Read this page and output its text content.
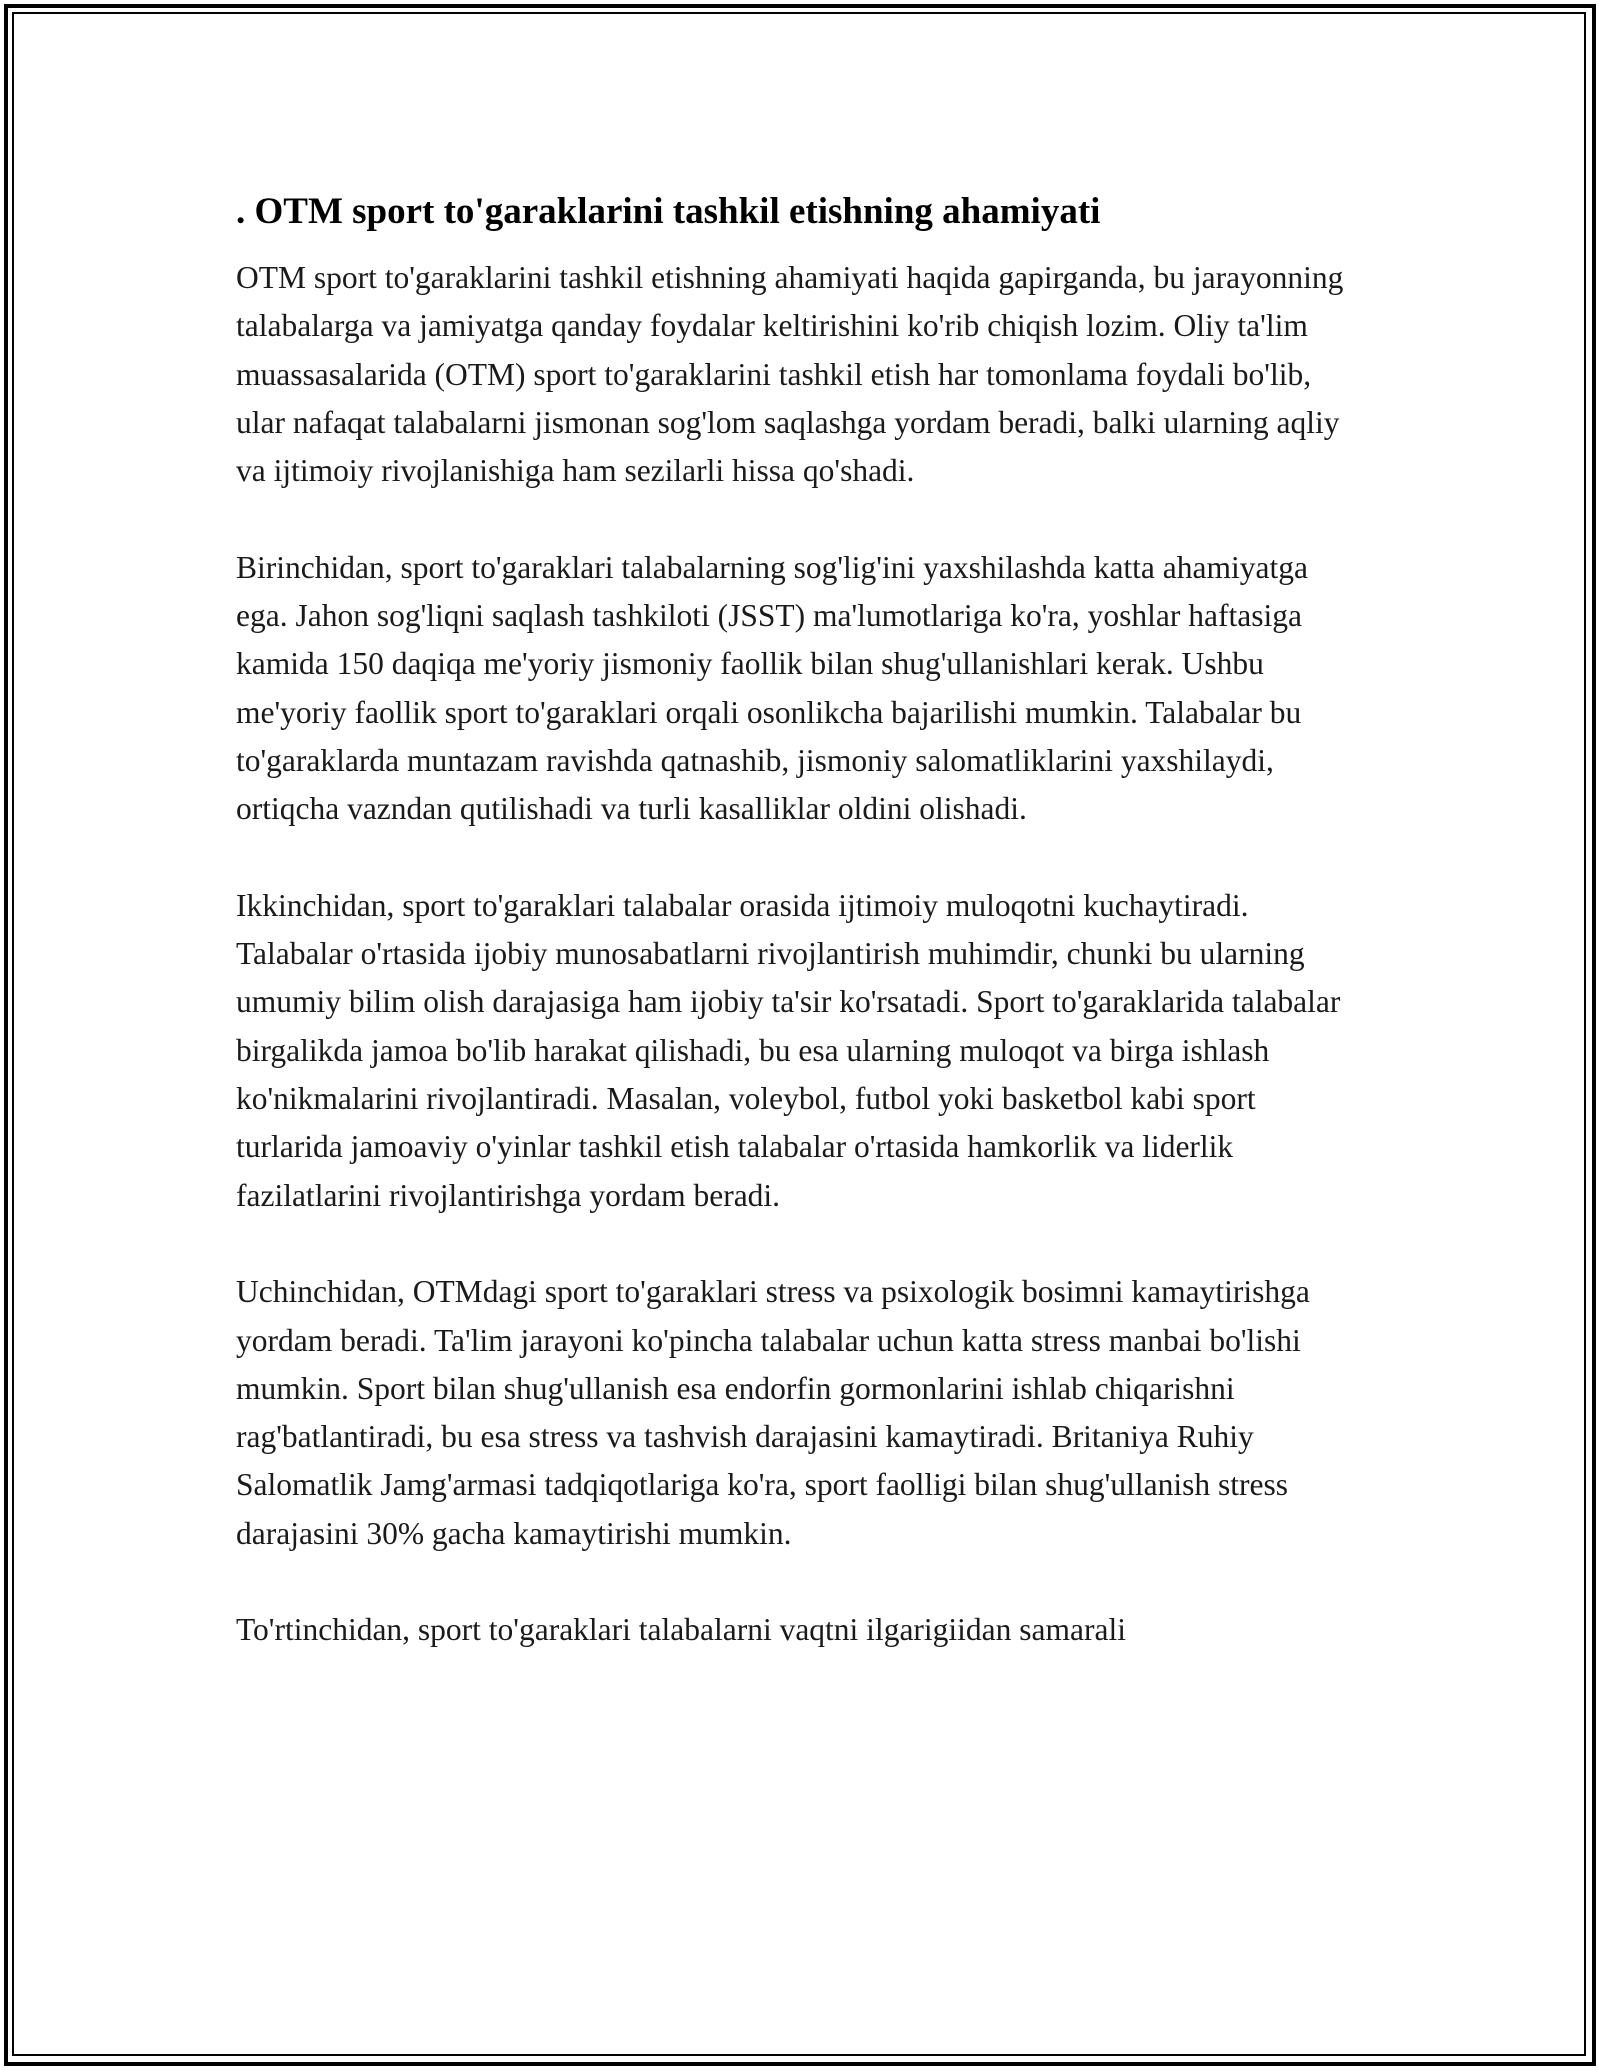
. OTM sport to'garaklarini tashkil etishning ahamiyati

OTM sport to'garaklarini tashkil etishning ahamiyati haqida gapirganda, bu jarayonning talabalarga va jamiyatga qanday foydalar keltirishini ko'rib chiqish lozim. Oliy ta'lim muassasalarida (OTM) sport to'garaklarini tashkil etish har tomonlama foydali bo'lib, ular nafaqat talabalarni jismonan sog'lom saqlashga yordam beradi, balki ularning aqliy va ijtimoiy rivojlanishiga ham sezilarli hissa qo'shadi.

Birinchidan, sport to'garaklari talabalarning sog'lig'ini yaxshilashda katta ahamiyatga ega. Jahon sog'liqni saqlash tashkiloti (JSST) ma'lumotlariga ko'ra, yoshlar haftasiga kamida 150 daqiqa me'yoriy jismoniy faollik bilan shug'ullanishlari kerak. Ushbu me'yoriy faollik sport to'garaklari orqali osonlikcha bajarilishi mumkin. Talabalar bu to'garaklarda muntazam ravishda qatnashib, jismoniy salomatliklarini yaxshilaydi, ortiqcha vazndan qutilishadi va turli kasalliklar oldini olishadi.

Ikkinchidan, sport to'garaklari talabalar orasida ijtimoiy muloqotni kuchaytiradi. Talabalar o'rtasida ijobiy munosabatlarni rivojlantirish muhimdir, chunki bu ularning umumiy bilim olish darajasiga ham ijobiy ta'sir ko'rsatadi. Sport to'garaklarida talabalar birgalikda jamoa bo'lib harakat qilishadi, bu esa ularning muloqot va birga ishlash ko'nikmalarini rivojlantiradi. Masalan, voleybol, futbol yoki basketbol kabi sport turlarida jamoaviy o'yinlar tashkil etish talabalar o'rtasida hamkorlik va liderlik fazilatlarini rivojlantirishga yordam beradi.

Uchinchidan, OTMdagi sport to'garaklari stress va psixologik bosimni kamaytirishga yordam beradi. Ta'lim jarayoni ko'pincha talabalar uchun katta stress manbai bo'lishi mumkin. Sport bilan shug'ullanish esa endorfin gormonlarini ishlab chiqarishni rag'batlantiradi, bu esa stress va tashvish darajasini kamaytiradi. Britaniya Ruhiy Salomatlik Jamg'armasi tadqiqotlariga ko'ra, sport faolligi bilan shug'ullanish stress darajasini 30% gacha kamaytirishi mumkin.

To'rtinchidan, sport to'garaklari talabalarni vaqtni ilgarigiidan samarali
